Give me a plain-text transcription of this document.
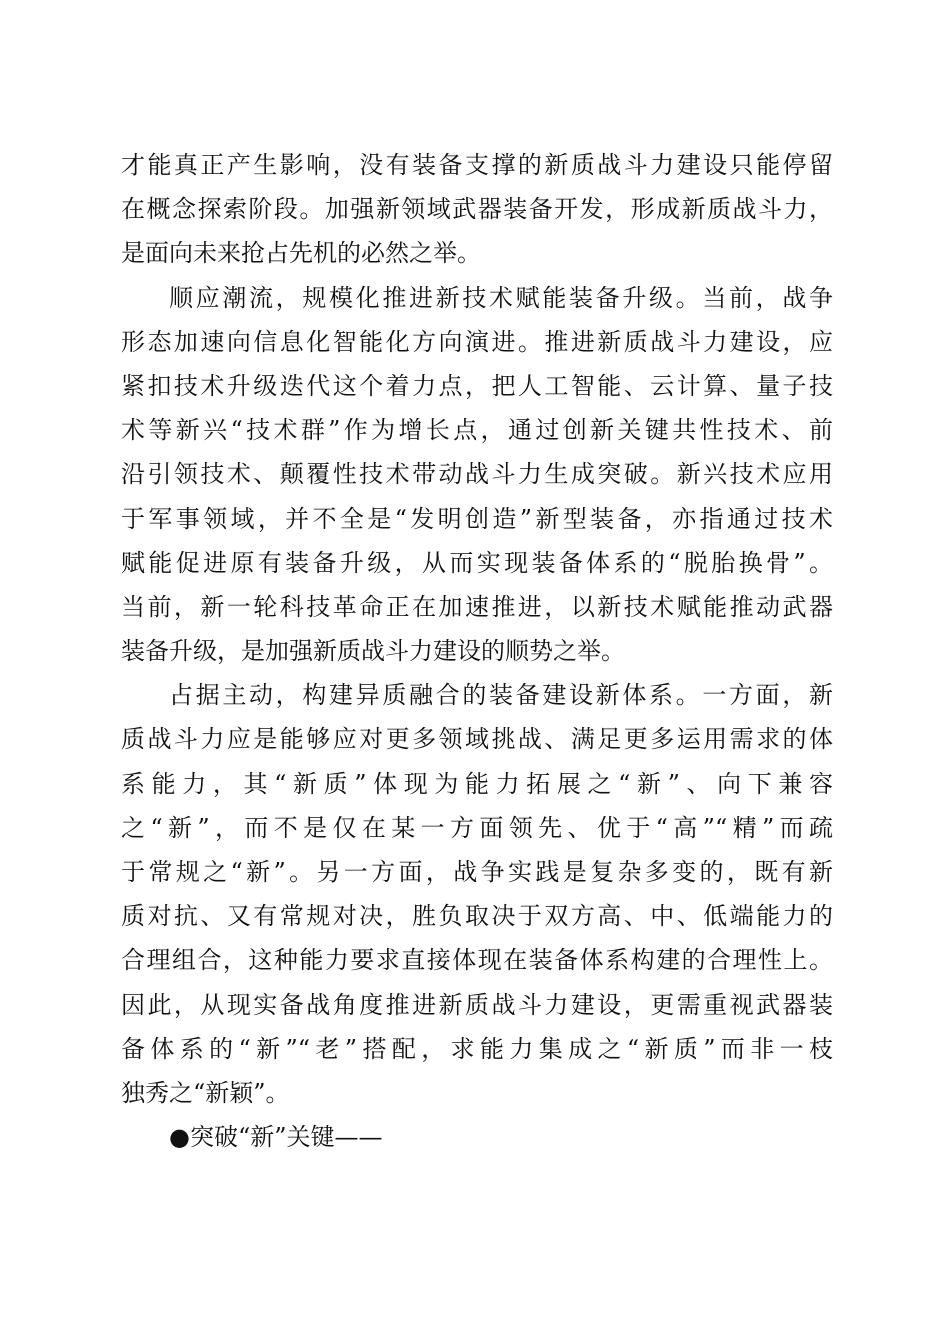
才能真正产生影响，没有装备支撑的新质战斗力建设只能停留
在概念探索阶段。加强新领域武器装备开发，形成新质战斗力，
是面向未来抢占先机的必然之举。
顺应潮流，规模化推进新技术赋能装备升级。当前，战争
形态加速向信息化智能化方向演进。推进新质战斗力建设，应
紧扣技术升级迭代这个着力点，把人工智能、云计算、量子技
术等新兴“技术群”作为增长点，通过创新关键共性技术、前
沿引领技术、颠覆性技术带动战斗力生成突破。新兴技术应用
于军事领域，并不全是“发明创造”新型装备，亦指通过技术
赋能促进原有装备升级，从而实现装备体系的“脱胎换骨”。
当前，新一轮科技革命正在加速推进，以新技术赋能推动武器
装备升级，是加强新质战斗力建设的顺势之举。
占据主动，构建异质融合的装备建设新体系。一方面，新
质战斗力应是能够应对更多领域挑战、满足更多运用需求的体
系能力，其“新质”体现为能力拓展之“新”、向下兼容
之“新”，而不是仅在某一方面领先、优于“高”“精”而疏
于常规之“新”。另一方面，战争实践是复杂多变的，既有新
质对抗、又有常规对决，胜负取决于双方高、中、低端能力的
合理组合，这种能力要求直接体现在装备体系构建的合理性上。
因此，从现实备战角度推进新质战斗力建设，更需重视武器装
备体系的“新”“老”搭配，求能力集成之“新质”而非一枝
独秀之“新颖”。
●突破“新”关键——
